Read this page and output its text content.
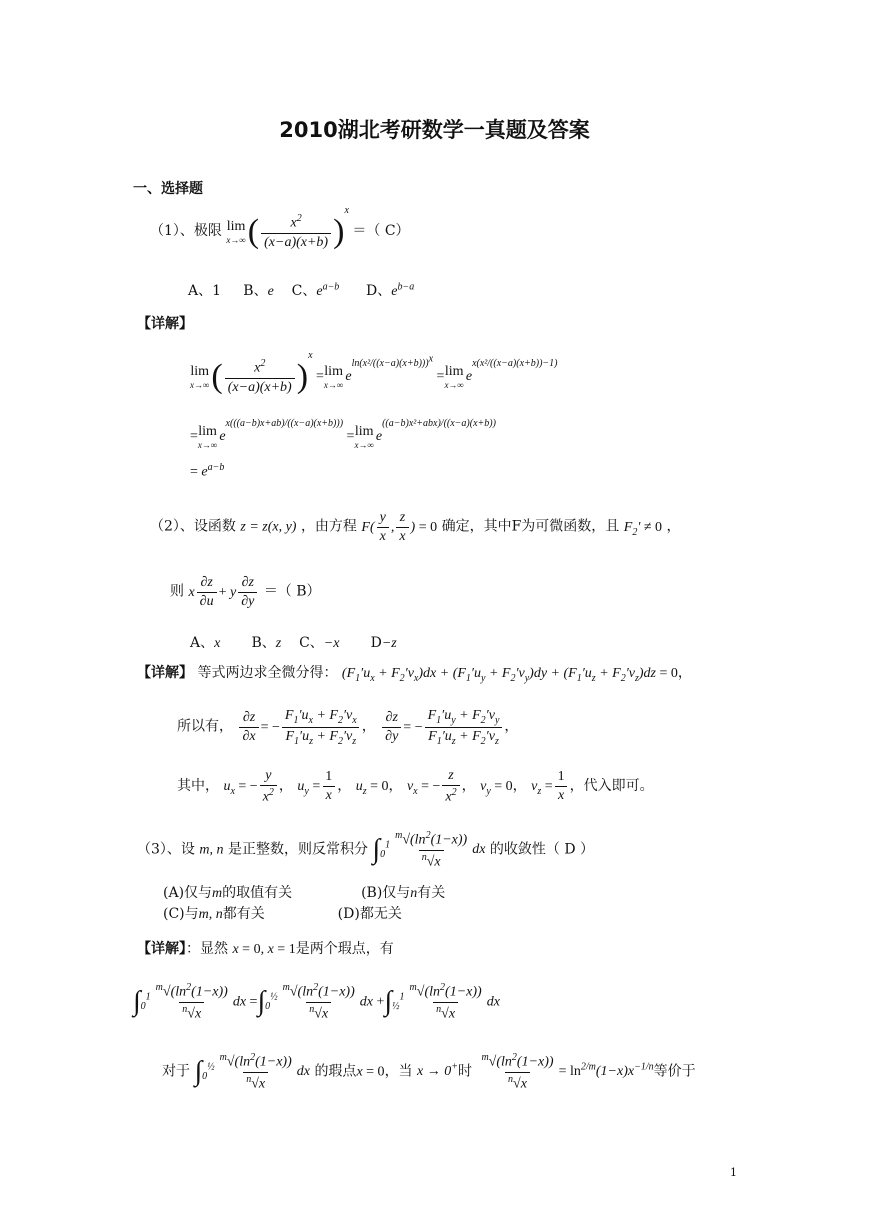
2010湖北考研数学一真题及答案
一、选择题
（1）、极限 lim
x→∞ ( $\frac{x^2}{(x-a)(x+b)} )^x$ ＝（ C）
A、1 B、e C、$e^{a-b}$ D、$e^{b-a}$
【详解】
lim
x→∞ ( $\frac{x^2}{(x-a)(x+b)} )^x = \lim$
x→∞
$e^{ln(x^2/((x-a)(x+b)))^x} = \lim$
x→∞
$e^{x(x^2/((x-a)(x+b))-1)}$
= lim
x→∞
$e^{x(((a-b)x+ab)/((x-a)(x+b)))} = \lim$
x→∞
$e^{((a-b)x^2+abx)/((x-a)(x+b))}$
= $e^{a-b}$
（2）、设函数 z = z(x, y) ，由方程 $F( \frac{y}{x}$ , $\frac{z}{x}$ ) = 0 确定，其中F为可微函数，且 $F_2' \ne 0$ ，
则 x $\frac{\partial z}{\partial u} + y \frac{\partial z}{\partial y}$ ＝（ B）
A、x B、z C、−x D−z
【详解】 等式两边求全微分得： $(F_1'u_x + F_2'v_x)dx + (F_1'u_y + F_2'v_y)dy + (F_1'u_z + F_2'v_z)dz = 0$，
所以有， $\frac{\partial z}{\partial x}$ = − $\frac{F_1'u_x + F_2'v_x}{F_1'u_z + F_2'v_z}$ ， $\frac{\partial z}{\partial y}$ = − $\frac{F_1'u_y + F_2'v_y}{F_1'u_z + F_2'v_z}$ ，
其中， $u_x$ = − $\frac{y}{x^2}$ ， $u_y = \frac{1}{x}$ ， $u_z = 0$， $v_x$ = − $\frac{z}{x^2}$ ， $v_y = 0$， $v_z = \frac{1}{x}$ ，代入即可。
（3）、设 m, n 是正整数，则反常积分 $\int_0^1 \frac{^m√(\ln^2(1-x))}{^n√x}$ dx 的收敛性（ D ）
(A)仅与m的取值有关	(B)仅与n有关
(C)与m, n都有关	(D)都无关
【详解】：显然 x = 0, x = 1是两个瑕点，有
$\int_0^1 \frac{^m√(\ln^2(1-x))}{^n√x}$ dx $=\int_0^{\frac{1}{2}} \frac{^m√(\ln^2(1-x))}{^n√x}$ dx $+\int_{\frac{1}{2}}^1 \frac{^m√(\ln^2(1-x))}{^n√x}$ dx
对于 $\int_0^{\frac{1}{2}} \frac{^m√(\ln^2(1-x))}{^n√x}$ dx 的瑕点x = 0，当 x → 0+时 $\frac{^m√(\ln^2(1-x))}{^n√x} = \ln^{2/m}(1-x)x^{-1/n}$等价于
1
